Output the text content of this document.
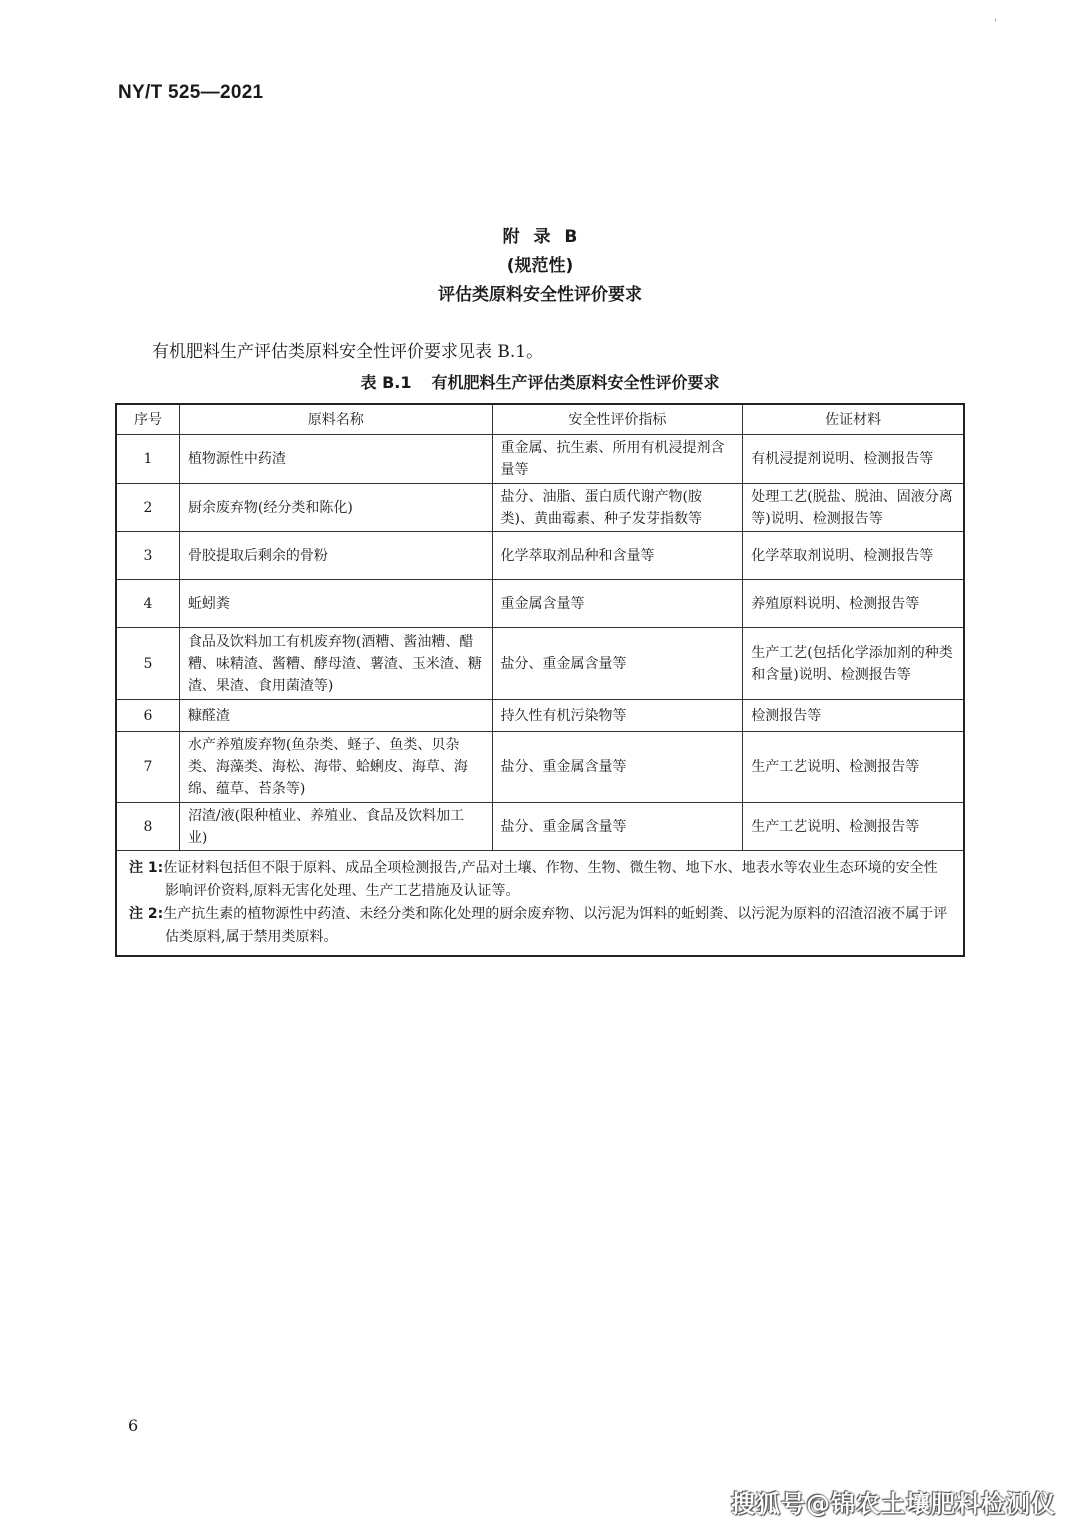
'
NY/T 525—2021
附 录 B
(规范性)
评估类原料安全性评价要求
有机肥料生产评估类原料安全性评价要求见表 B.1。
表 B.1 有机肥料生产评估类原料安全性评价要求
序号	原料名称	安全性评价指标	佐证材料
1	植物源性中药渣	重金属、抗生素、所用有机浸提剂含量等	有机浸提剂说明、检测报告等
2	厨余废弃物(经分类和陈化)	盐分、油脂、蛋白质代谢产物(胺类)、黄曲霉素、种子发芽指数等	处理工艺(脱盐、脱油、固液分离等)说明、检测报告等
3	骨胶提取后剩余的骨粉	化学萃取剂品种和含量等	化学萃取剂说明、检测报告等
4	蚯蚓粪	重金属含量等	养殖原料说明、检测报告等
5	食品及饮料加工有机废弃物(酒糟、酱油糟、醋糟、味精渣、酱糟、酵母渣、薯渣、玉米渣、糖渣、果渣、食用菌渣等)	盐分、重金属含量等	生产工艺(包括化学添加剂的种类和含量)说明、检测报告等
6	糠醛渣	持久性有机污染物等	检测报告等
7	水产养殖废弃物(鱼杂类、蛏子、鱼类、贝杂类、海藻类、海松、海带、蛤蜊皮、海草、海绵、蕴草、苔条等)	盐分、重金属含量等	生产工艺说明、检测报告等
8	沼渣/液(限种植业、养殖业、食品及饮料加工业)	盐分、重金属含量等	生产工艺说明、检测报告等

注 1:佐证材料包括但不限于原料、成品全项检测报告,产品对土壤、作物、生物、微生物、地下水、地表水等农业生态环境的安全性影响评价资料,原料无害化处理、生产工艺措施及认证等。
注 2:生产抗生素的植物源性中药渣、未经分类和陈化处理的厨余废弃物、以污泥为饵料的蚯蚓粪、以污泥为原料的沼渣沼液不属于评估类原料,属于禁用类原料。			
6
搜狐号@锦农土壤肥料检测仪
